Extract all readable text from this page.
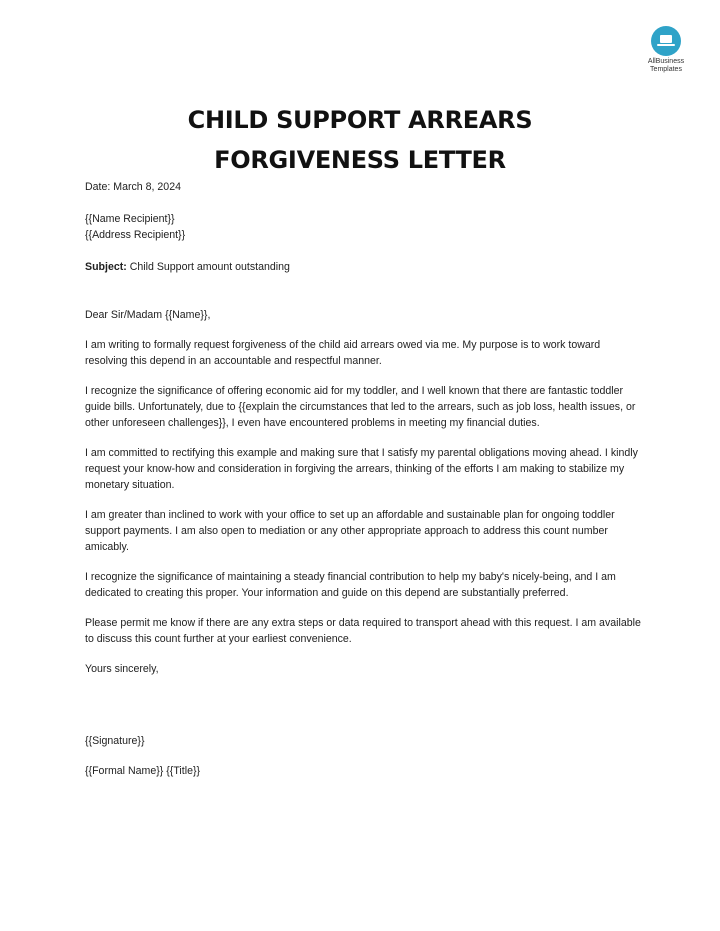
AllBusiness
Templates
CHILD SUPPORT ARREARS
FORGIVENESS LETTER

Date: March 8, 2024

{{Name Recipient}}

{{Address Recipient}}

Subject: Child Support amount outstanding

Dear Sir/Madam {{Name}},

I am writing to formally request forgiveness of the child aid arrears owed via me. My purpose is to work toward resolving this depend in an accountable and respectful manner.

I recognize the significance of offering economic aid for my toddler, and I well known that there are fantastic toddler guide bills. Unfortunately, due to {{explain the circumstances that led to the arrears, such as job loss, health issues, or other unforeseen challenges}}, I even have encountered problems in meeting my financial duties.

I am committed to rectifying this example and making sure that I satisfy my parental obligations moving ahead. I kindly request your know-how and consideration in forgiving the arrears, thinking of the efforts I am making to stabilize my monetary situation.

I am greater than inclined to work with your office to set up an affordable and sustainable plan for ongoing toddler support payments. I am also open to mediation or any other appropriate approach to address this count number amicably.

I recognize the significance of maintaining a steady financial contribution to help my baby's nicely-being, and I am dedicated to creating this proper. Your information and guide on this depend are substantially preferred.

Please permit me know if there are any extra steps or data required to transport ahead with this request. I am available to discuss this count further at your earliest convenience.

Yours sincerely,

{{Signature}}

{{Formal Name}} {{Title}}
